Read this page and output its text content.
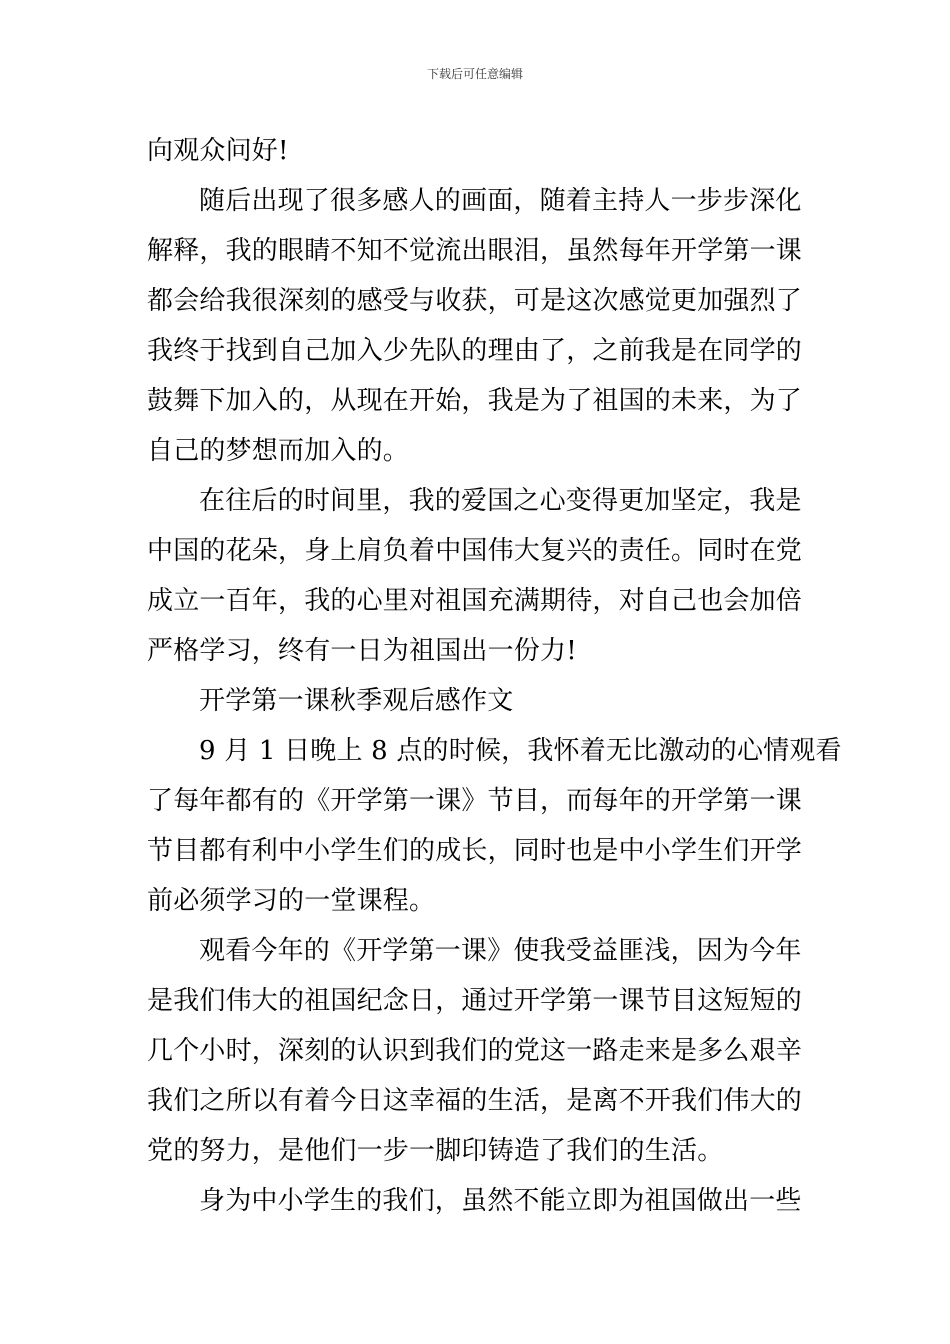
下载后可任意编辑
向观众问好!
随后出现了很多感人的画面，随着主持人一步步深化
解释，我的眼睛不知不觉流出眼泪，虽然每年开学第一课
都会给我很深刻的感受与收获，可是这次感觉更加强烈了
我终于找到自己加入少先队的理由了，之前我是在同学的
鼓舞下加入的，从现在开始，我是为了祖国的未来，为了
自己的梦想而加入的。
在往后的时间里，我的爱国之心变得更加坚定，我是
中国的花朵，身上肩负着中国伟大复兴的责任。同时在党
成立一百年，我的心里对祖国充满期待，对自己也会加倍
严格学习，终有一日为祖国出一份力!
开学第一课秋季观后感作文
9 月 1 日晚上 8 点的时候，我怀着无比激动的心情观看
了每年都有的《开学第一课》节目，而每年的开学第一课
节目都有利中小学生们的成长，同时也是中小学生们开学
前必须学习的一堂课程。
观看今年的《开学第一课》使我受益匪浅，因为今年
是我们伟大的祖国纪念日，通过开学第一课节目这短短的
几个小时，深刻的认识到我们的党这一路走来是多么艰辛
我们之所以有着今日这幸福的生活，是离不开我们伟大的
党的努力，是他们一步一脚印铸造了我们的生活。
身为中小学生的我们，虽然不能立即为祖国做出一些
